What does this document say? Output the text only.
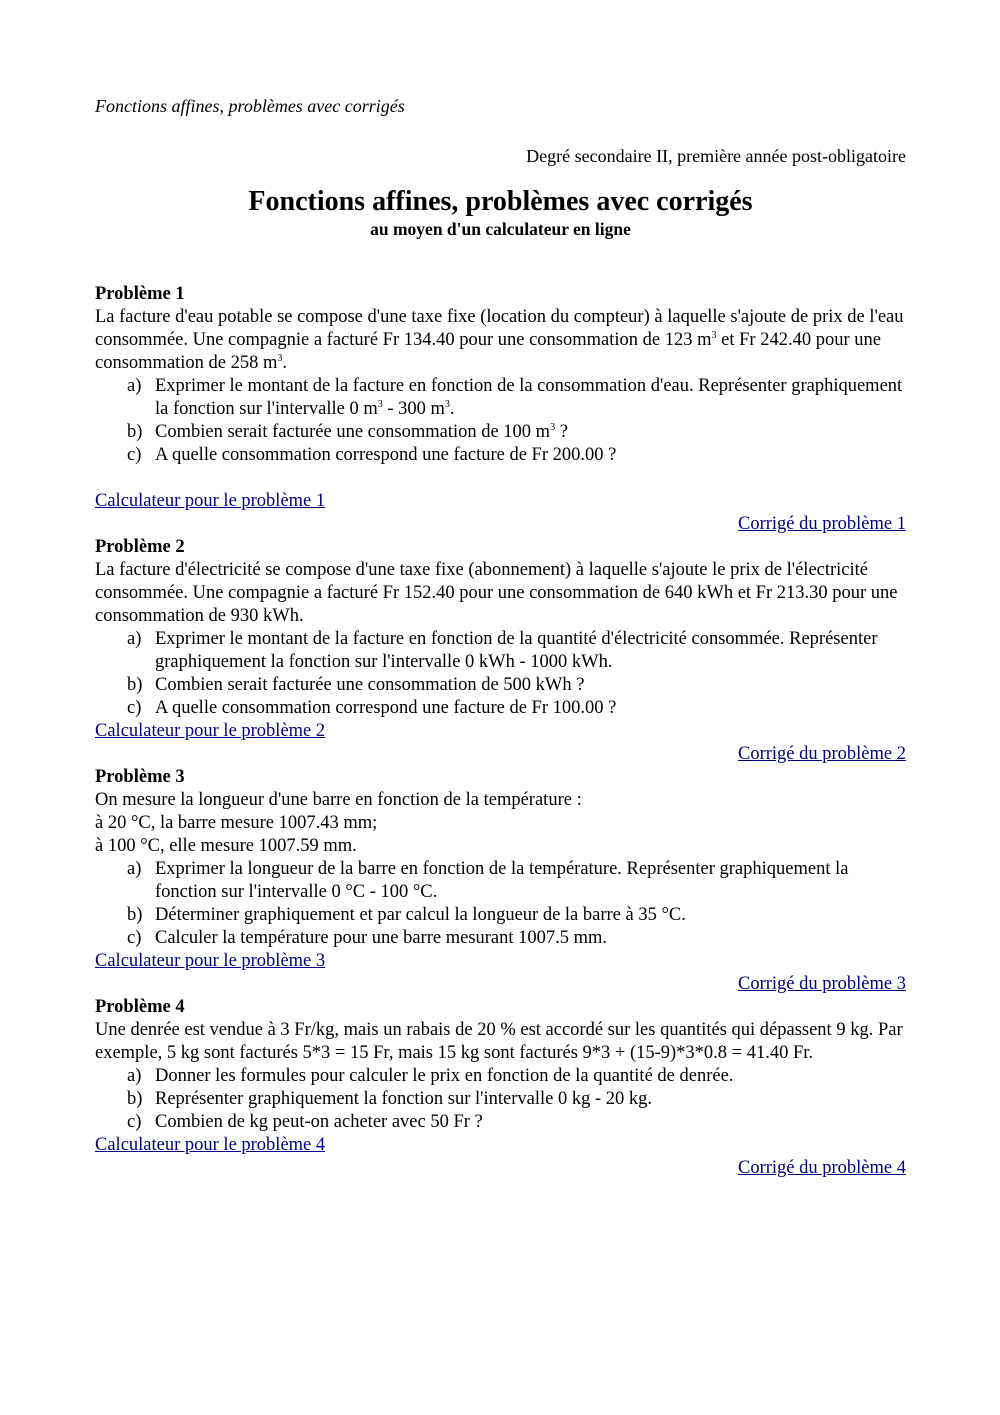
Fonctions affines, problèmes avec corrigés
Degré secondaire II, première année post-obligatoire
Fonctions affines, problèmes avec corrigés
au moyen d'un calculateur en ligne
Problème 1

La facture d'eau potable se compose d'une taxe fixe (location du compteur) à laquelle s'ajoute de prix de l'eau consommée. Une compagnie a facturé Fr 134.40 pour une consommation de 123 $m^3$ et Fr 242.40 pour une consommation de 258 $m^3$.

a) Exprimer le montant de la facture en fonction de la consommation d'eau. Représenter graphiquement la fonction sur l'intervalle 0 $m^3 - 300$ $m^3$.
b) Combien serait facturée une consommation de 100 $m^3$ ?
c) A quelle consommation correspond une facture de Fr 200.00 ?
Calculateur pour le problème 1
Corrigé du problème 1
Problème 2

La facture d'électricité se compose d'une taxe fixe (abonnement) à laquelle s'ajoute le prix de l'électricité consommée. Une compagnie a facturé Fr 152.40 pour une consommation de 640 kWh et Fr 213.30 pour une consommation de 930 kWh.

a) Exprimer le montant de la facture en fonction de la quantité d'électricité consommée. Représenter graphiquement la fonction sur l'intervalle 0 kWh - 1000 kWh.
b) Combien serait facturée une consommation de 500 kWh ?
c) A quelle consommation correspond une facture de Fr 100.00 ?
Calculateur pour le problème 2
Corrigé du problème 2
Problème 3

On mesure la longueur d'une barre en fonction de la température :

à 20 °C, la barre mesure 1007.43 mm;

à 100 °C, elle mesure 1007.59 mm.

a) Exprimer la longueur de la barre en fonction de la température. Représenter graphiquement la fonction sur l'intervalle 0 °C - 100 °C.
b) Déterminer graphiquement et par calcul la longueur de la barre à 35 °C.
c) Calculer la température pour une barre mesurant 1007.5 mm.
Calculateur pour le problème 3
Corrigé du problème 3
Problème 4

Une denrée est vendue à 3 Fr/kg, mais un rabais de 20 % est accordé sur les quantités qui dépassent 9 kg. Par exemple, 5 kg sont facturés 5*3 = 15 Fr, mais 15 kg sont facturés 9*3 + (15-9)*3*0.8 = 41.40 Fr.

a) Donner les formules pour calculer le prix en fonction de la quantité de denrée.
b) Représenter graphiquement la fonction sur l'intervalle 0 kg - 20 kg.
c) Combien de kg peut-on acheter avec 50 Fr ?
Calculateur pour le problème 4
Corrigé du problème 4
